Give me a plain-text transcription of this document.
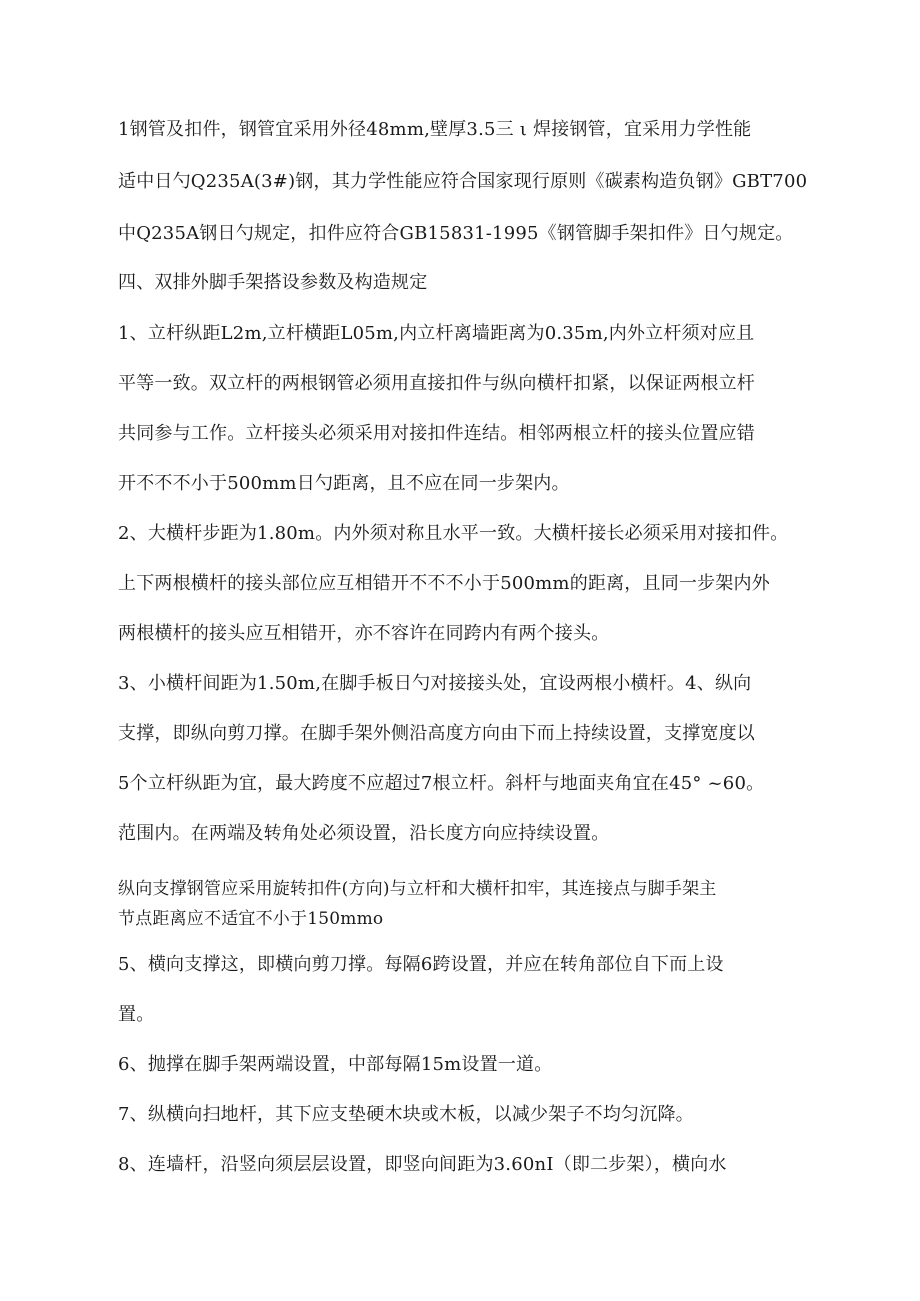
1钢管及扣件，钢管宜采用外径48mm,壁厚3.5三 ι 焊接钢管，宜采用力学性能
适中日勺Q235A(3#)钢，其力学性能应符合国家现行原则《碳素构造负钢》GBT700
中Q235A钢日勺规定，扣件应符合GB15831-1995《钢管脚手架扣件》日勺规定。
四、双排外脚手架搭设参数及构造规定
1、立杆纵距L2m,立杆横距L05m,内立杆离墙距离为0.35m,内外立杆须对应且
平等一致。双立杆的两根钢管必须用直接扣件与纵向横杆扣紧，以保证两根立杆
共同参与工作。立杆接头必须采用对接扣件连结。相邻两根立杆的接头位置应错
开不不不小于500mm日勺距离，且不应在同一步架内。
2、大横杆步距为1.80m。内外须对称且水平一致。大横杆接长必须采用对接扣件。
上下两根横杆的接头部位应互相错开不不不小于500mm的距离，且同一步架内外
两根横杆的接头应互相错开，亦不容许在同跨内有两个接头。
3、小横杆间距为1.50m,在脚手板日勺对接接头处，宜设两根小横杆。4、纵向
支撑，即纵向剪刀撑。在脚手架外侧沿高度方向由下而上持续设置，支撑宽度以
5个立杆纵距为宜，最大跨度不应超过7根立杆。斜杆与地面夹角宜在45° ~60。
范围内。在两端及转角处必须设置，沿长度方向应持续设置。
纵向支撑钢管应采用旋转扣件(方向)与立杆和大横杆扣牢，其连接点与脚手架主
节点距离应不适宜不小于150mmo
5、横向支撑这，即横向剪刀撑。每隔6跨设置，并应在转角部位自下而上设
置。
6、抛撑在脚手架两端设置，中部每隔15m设置一道。
7、纵横向扫地杆，其下应支垫硬木块或木板，以减少架子不均匀沉降。
8、连墙杆，沿竖向须层层设置，即竖向间距为3.60nI（即二步架），横向水
